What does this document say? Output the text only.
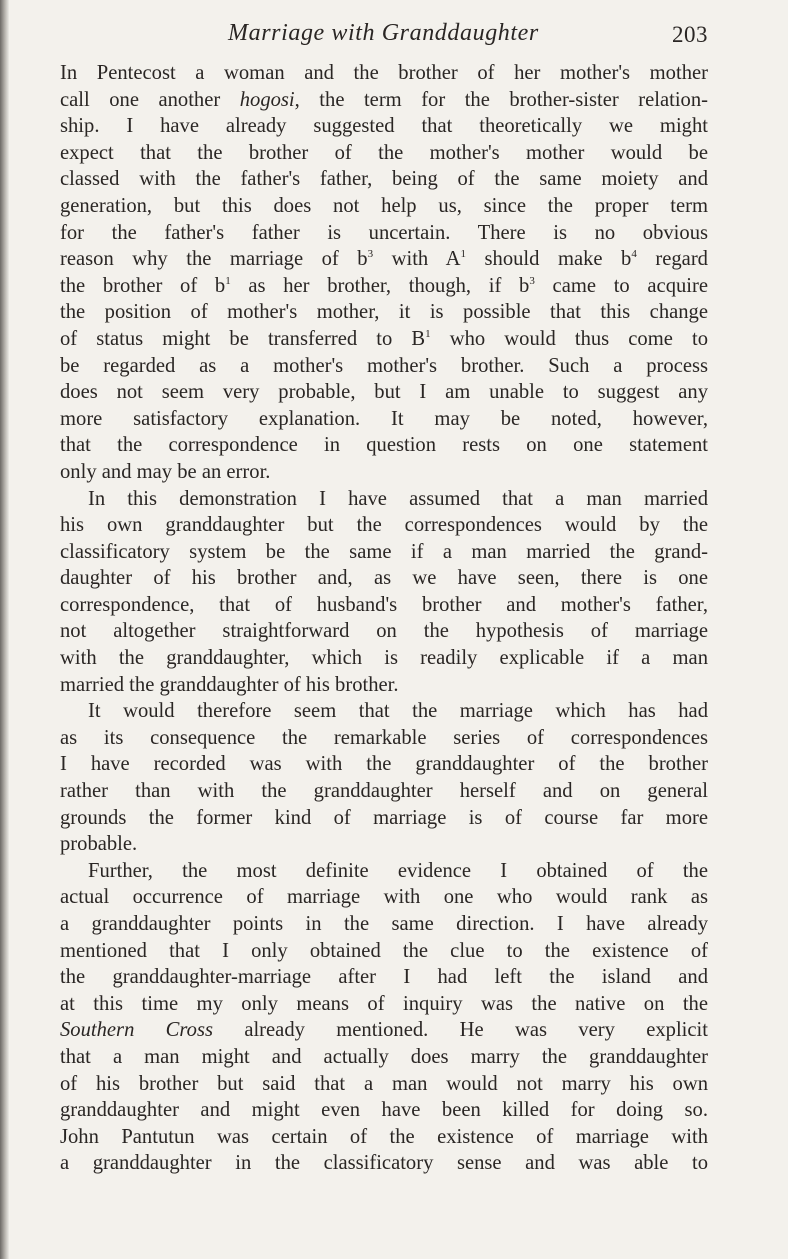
Marriage with Granddaughter	203
In Pentecost a woman and the brother of her mother's mother
call one another hogosi, the term for the brother-sister relation-
ship. I have already suggested that theoretically we might
expect that the brother of the mother's mother would be
classed with the father's father, being of the same moiety and
generation, but this does not help us, since the proper term
for the father's father is uncertain. There is no obvious
reason why the marriage of $b^3$ with $A^1$ should make $b^4$ regard
the brother of $b^1$ as her brother, though, if $b^3$ came to acquire
the position of mother's mother, it is possible that this change
of status might be transferred to $B^1$ who would thus come to
be regarded as a mother's mother's brother. Such a process
does not seem very probable, but I am unable to suggest any
more satisfactory explanation. It may be noted, however,
that the correspondence in question rests on one statement
only and may be an error.
In this demonstration I have assumed that a man married
his own granddaughter but the correspondences would by the
classificatory system be the same if a man married the grand-
daughter of his brother and, as we have seen, there is one
correspondence, that of husband's brother and mother's father,
not altogether straightforward on the hypothesis of marriage
with the granddaughter, which is readily explicable if a man
married the granddaughter of his brother.
It would therefore seem that the marriage which has had
as its consequence the remarkable series of correspondences
I have recorded was with the granddaughter of the brother
rather than with the granddaughter herself and on general
grounds the former kind of marriage is of course far more
probable.
Further, the most definite evidence I obtained of the
actual occurrence of marriage with one who would rank as
a granddaughter points in the same direction. I have already
mentioned that I only obtained the clue to the existence of
the granddaughter-marriage after I had left the island and
at this time my only means of inquiry was the native on the
Southern Cross already mentioned. He was very explicit
that a man might and actually does marry the granddaughter
of his brother but said that a man would not marry his own
granddaughter and might even have been killed for doing so.
John Pantutun was certain of the existence of marriage with
a granddaughter in the classificatory sense and was able to
